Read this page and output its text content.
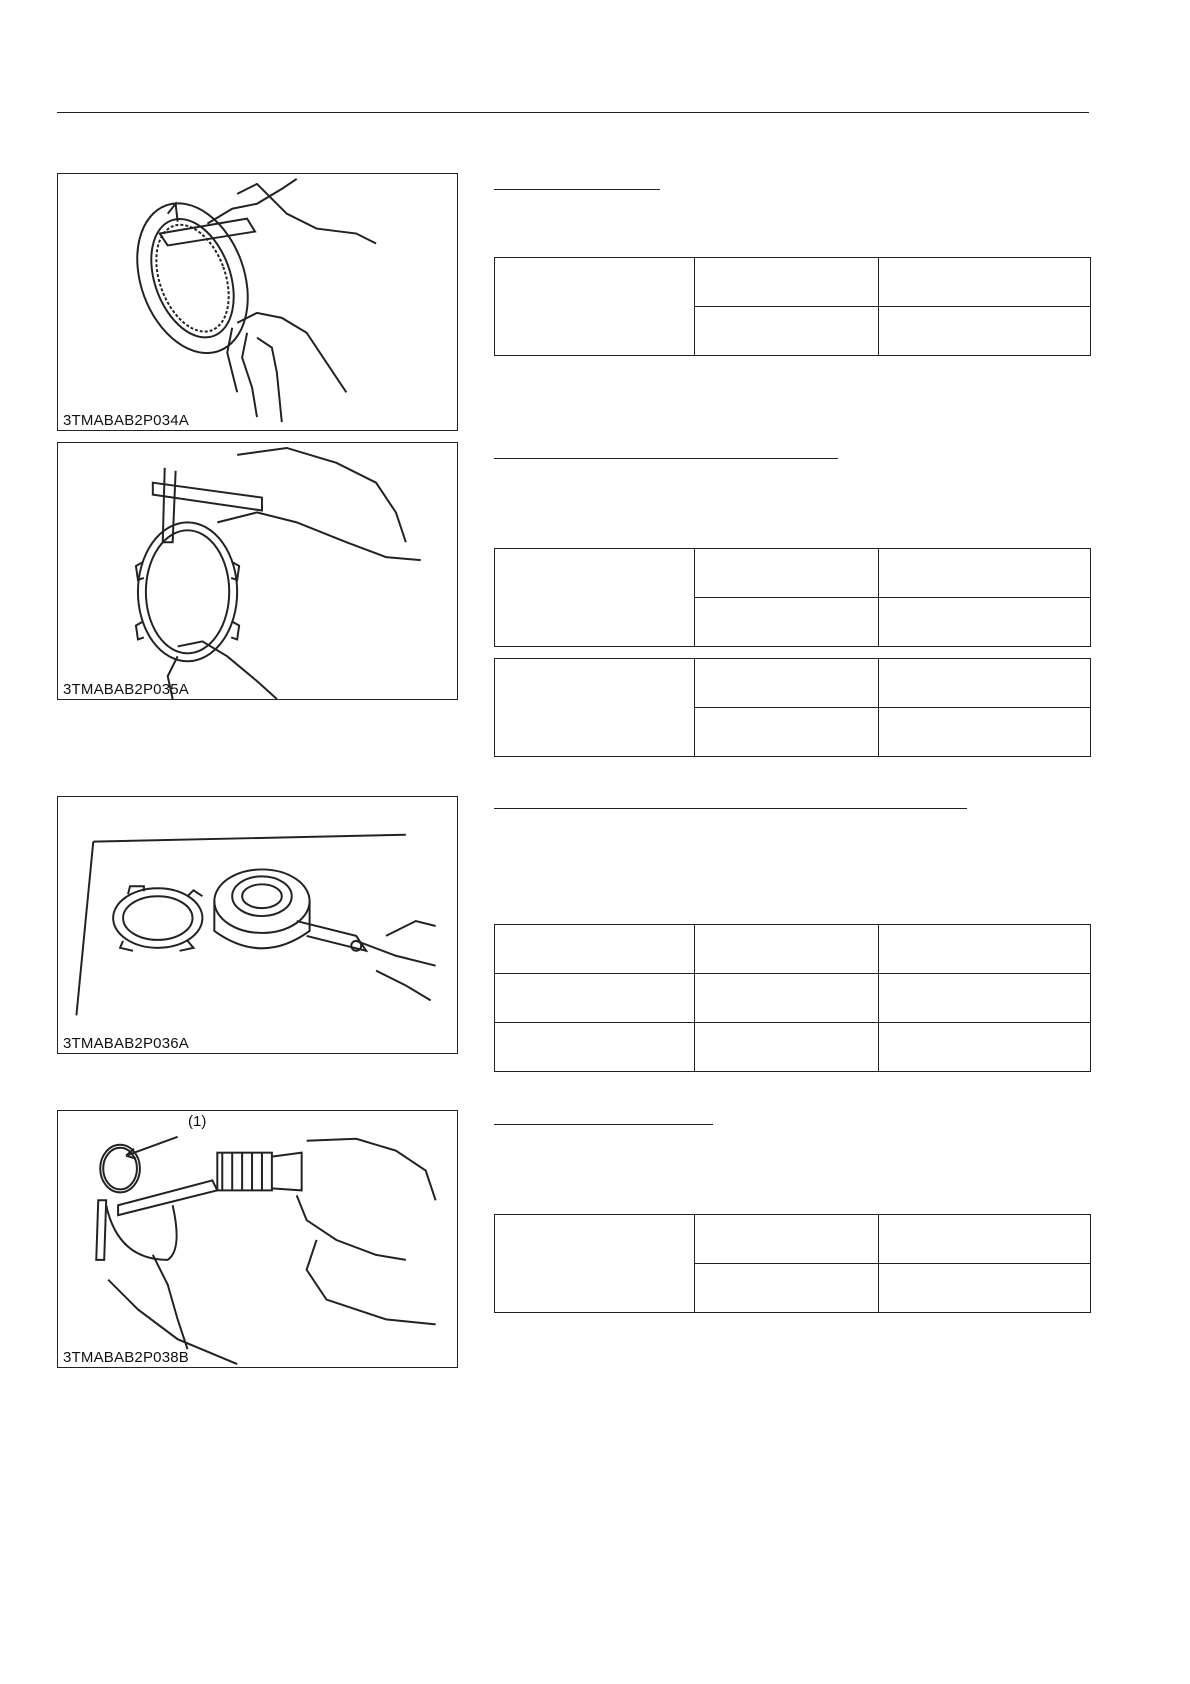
3TMABAB2P034A
3TMABAB2P035A
3TMABAB2P036A
(1)
3TMABAB2P038B
